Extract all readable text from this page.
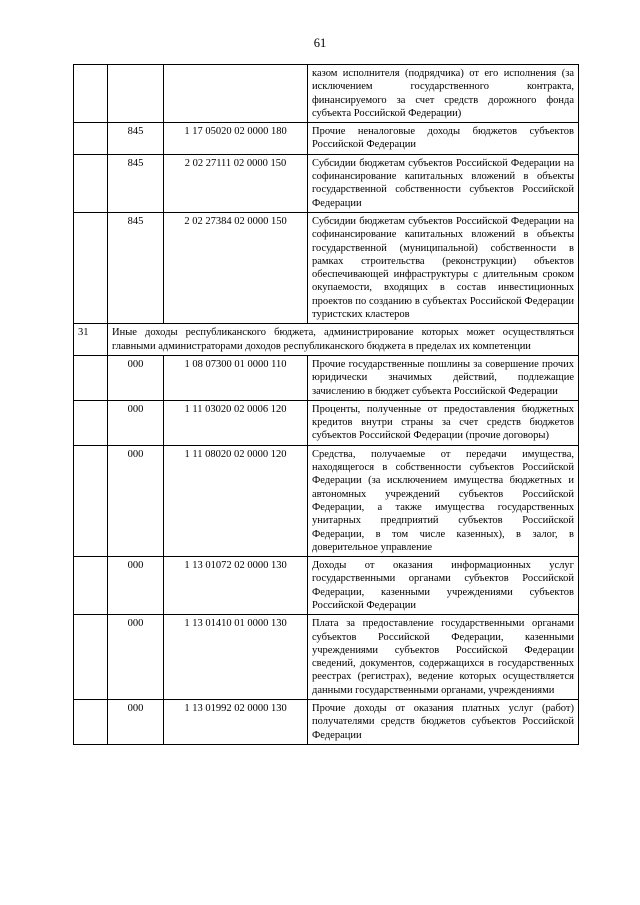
61
			казом исполнителя (подрядчика) от его исполнения (за исключением государственного контракта, финансируемого за счет средств дорожного фонда субъекта Российской Федерации)
	845	1 17 05020 02 0000 180	Прочие неналоговые доходы бюджетов субъектов Российской Федерации
	845	2 02 27111 02 0000 150	Субсидии бюджетам субъектов Российской Федерации на софинансирование капитальных вложений в объекты государственной собственности субъектов Российской Федерации
	845	2 02 27384 02 0000 150	Субсидии бюджетам субъектов Российской Федерации на софинансирование капитальных вложений в объекты государственной (муниципальной) собственности в рамках строительства (реконструкции) объектов обеспечивающей инфраструктуры с длительным сроком окупаемости, входящих в состав инвестиционных проектов по созданию в субъектах Российской Федерации туристских кластеров
31	Иные доходы республиканского бюджета, администрирование которых может осуществляться главными администраторами доходов республиканского бюджета в пределах их компетенции		
	000	1 08 07300 01 0000 110	Прочие государственные пошлины за совершение прочих юридически значимых действий, подлежащие зачислению в бюджет субъекта Российской Федерации
	000	1 11 03020 02 0006 120	Проценты, полученные от предоставления бюджетных кредитов внутри страны за счет средств бюджетов субъектов Российской Федерации (прочие договоры)
	000	1 11 08020 02 0000 120	Средства, получаемые от передачи имущества, находящегося в собственности субъектов Российской Федерации (за исключением имущества бюджетных и автономных учреждений субъектов Российской Федерации, а также имущества государственных унитарных предприятий субъектов Российской Федерации, в том числе казенных), в залог, в доверительное управление
	000	1 13 01072 02 0000 130	Доходы от оказания информационных услуг государственными органами субъектов Российской Федерации, казенными учреждениями субъектов Российской Федерации
	000	1 13 01410 01 0000 130	Плата за предоставление государственными органами субъектов Российской Федерации, казенными учреждениями субъектов Российской Федерации сведений, документов, содержащихся в государственных реестрах (регистрах), ведение которых осуществляется данными государственными органами, учреждениями
	000	1 13 01992 02 0000 130	Прочие доходы от оказания платных услуг (работ) получателями средств бюджетов субъектов Российской Федерации
